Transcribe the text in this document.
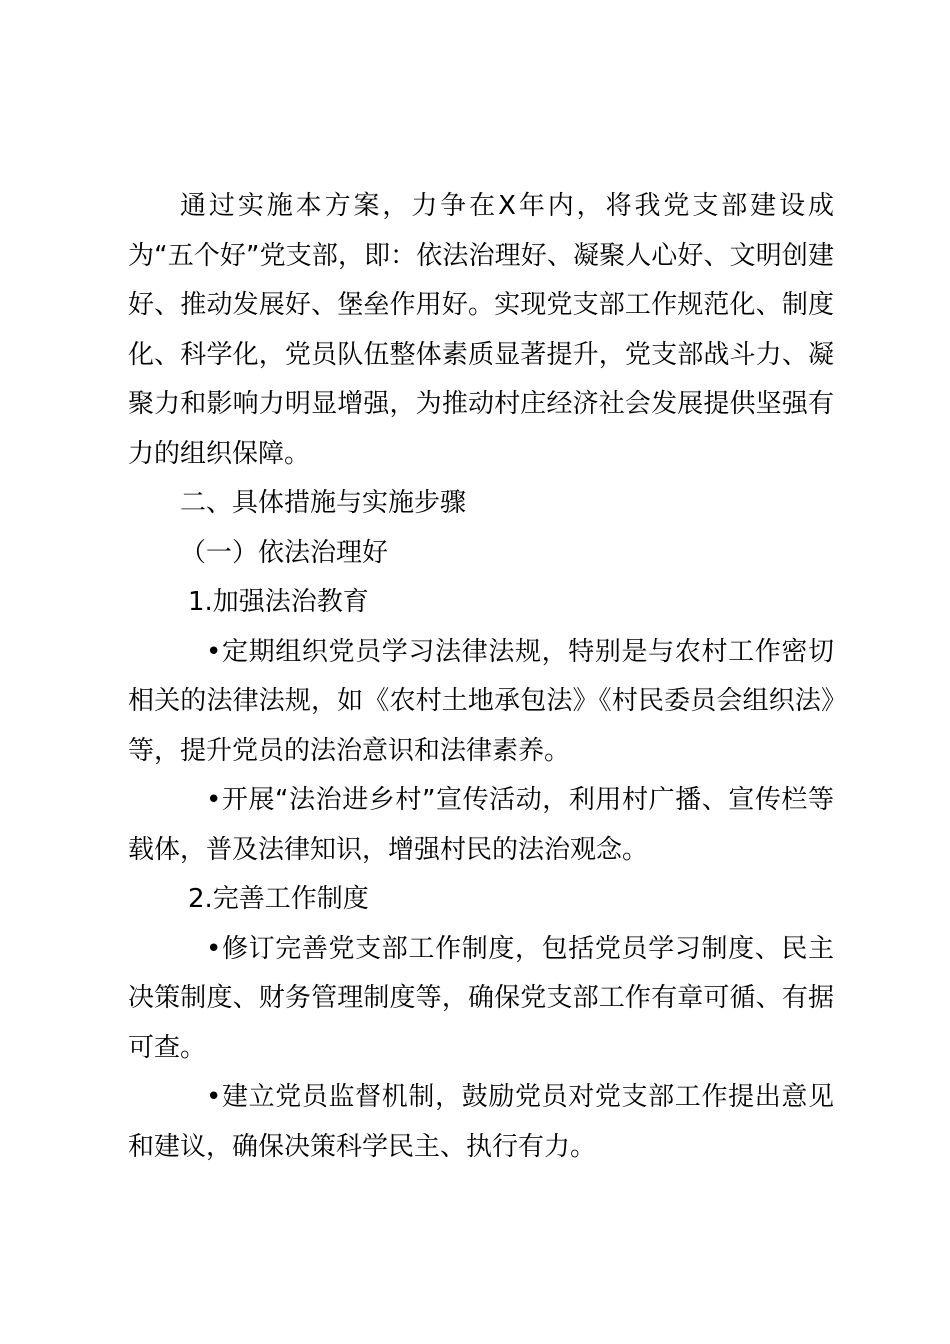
通过实施本方案，力争在X年内，将我党支部建设成为“五个好”党支部，即：依法治理好、凝聚人心好、文明创建好、推动发展好、堡垒作用好。实现党支部工作规范化、制度化、科学化，党员队伍整体素质显著提升，党支部战斗力、凝聚力和影响力明显增强，为推动村庄经济社会发展提供坚强有力的组织保障。

二、具体措施与实施步骤

（一）依法治理好

1.加强法治教育

•定期组织党员学习法律法规，特别是与农村工作密切相关的法律法规，如《农村土地承包法》《村民委员会组织法》等，提升党员的法治意识和法律素养。

•开展“法治进乡村”宣传活动，利用村广播、宣传栏等载体，普及法律知识，增强村民的法治观念。

2.完善工作制度

•修订完善党支部工作制度，包括党员学习制度、民主决策制度、财务管理制度等，确保党支部工作有章可循、有据可查。

•建立党员监督机制，鼓励党员对党支部工作提出意见和建议，确保决策科学民主、执行有力。
